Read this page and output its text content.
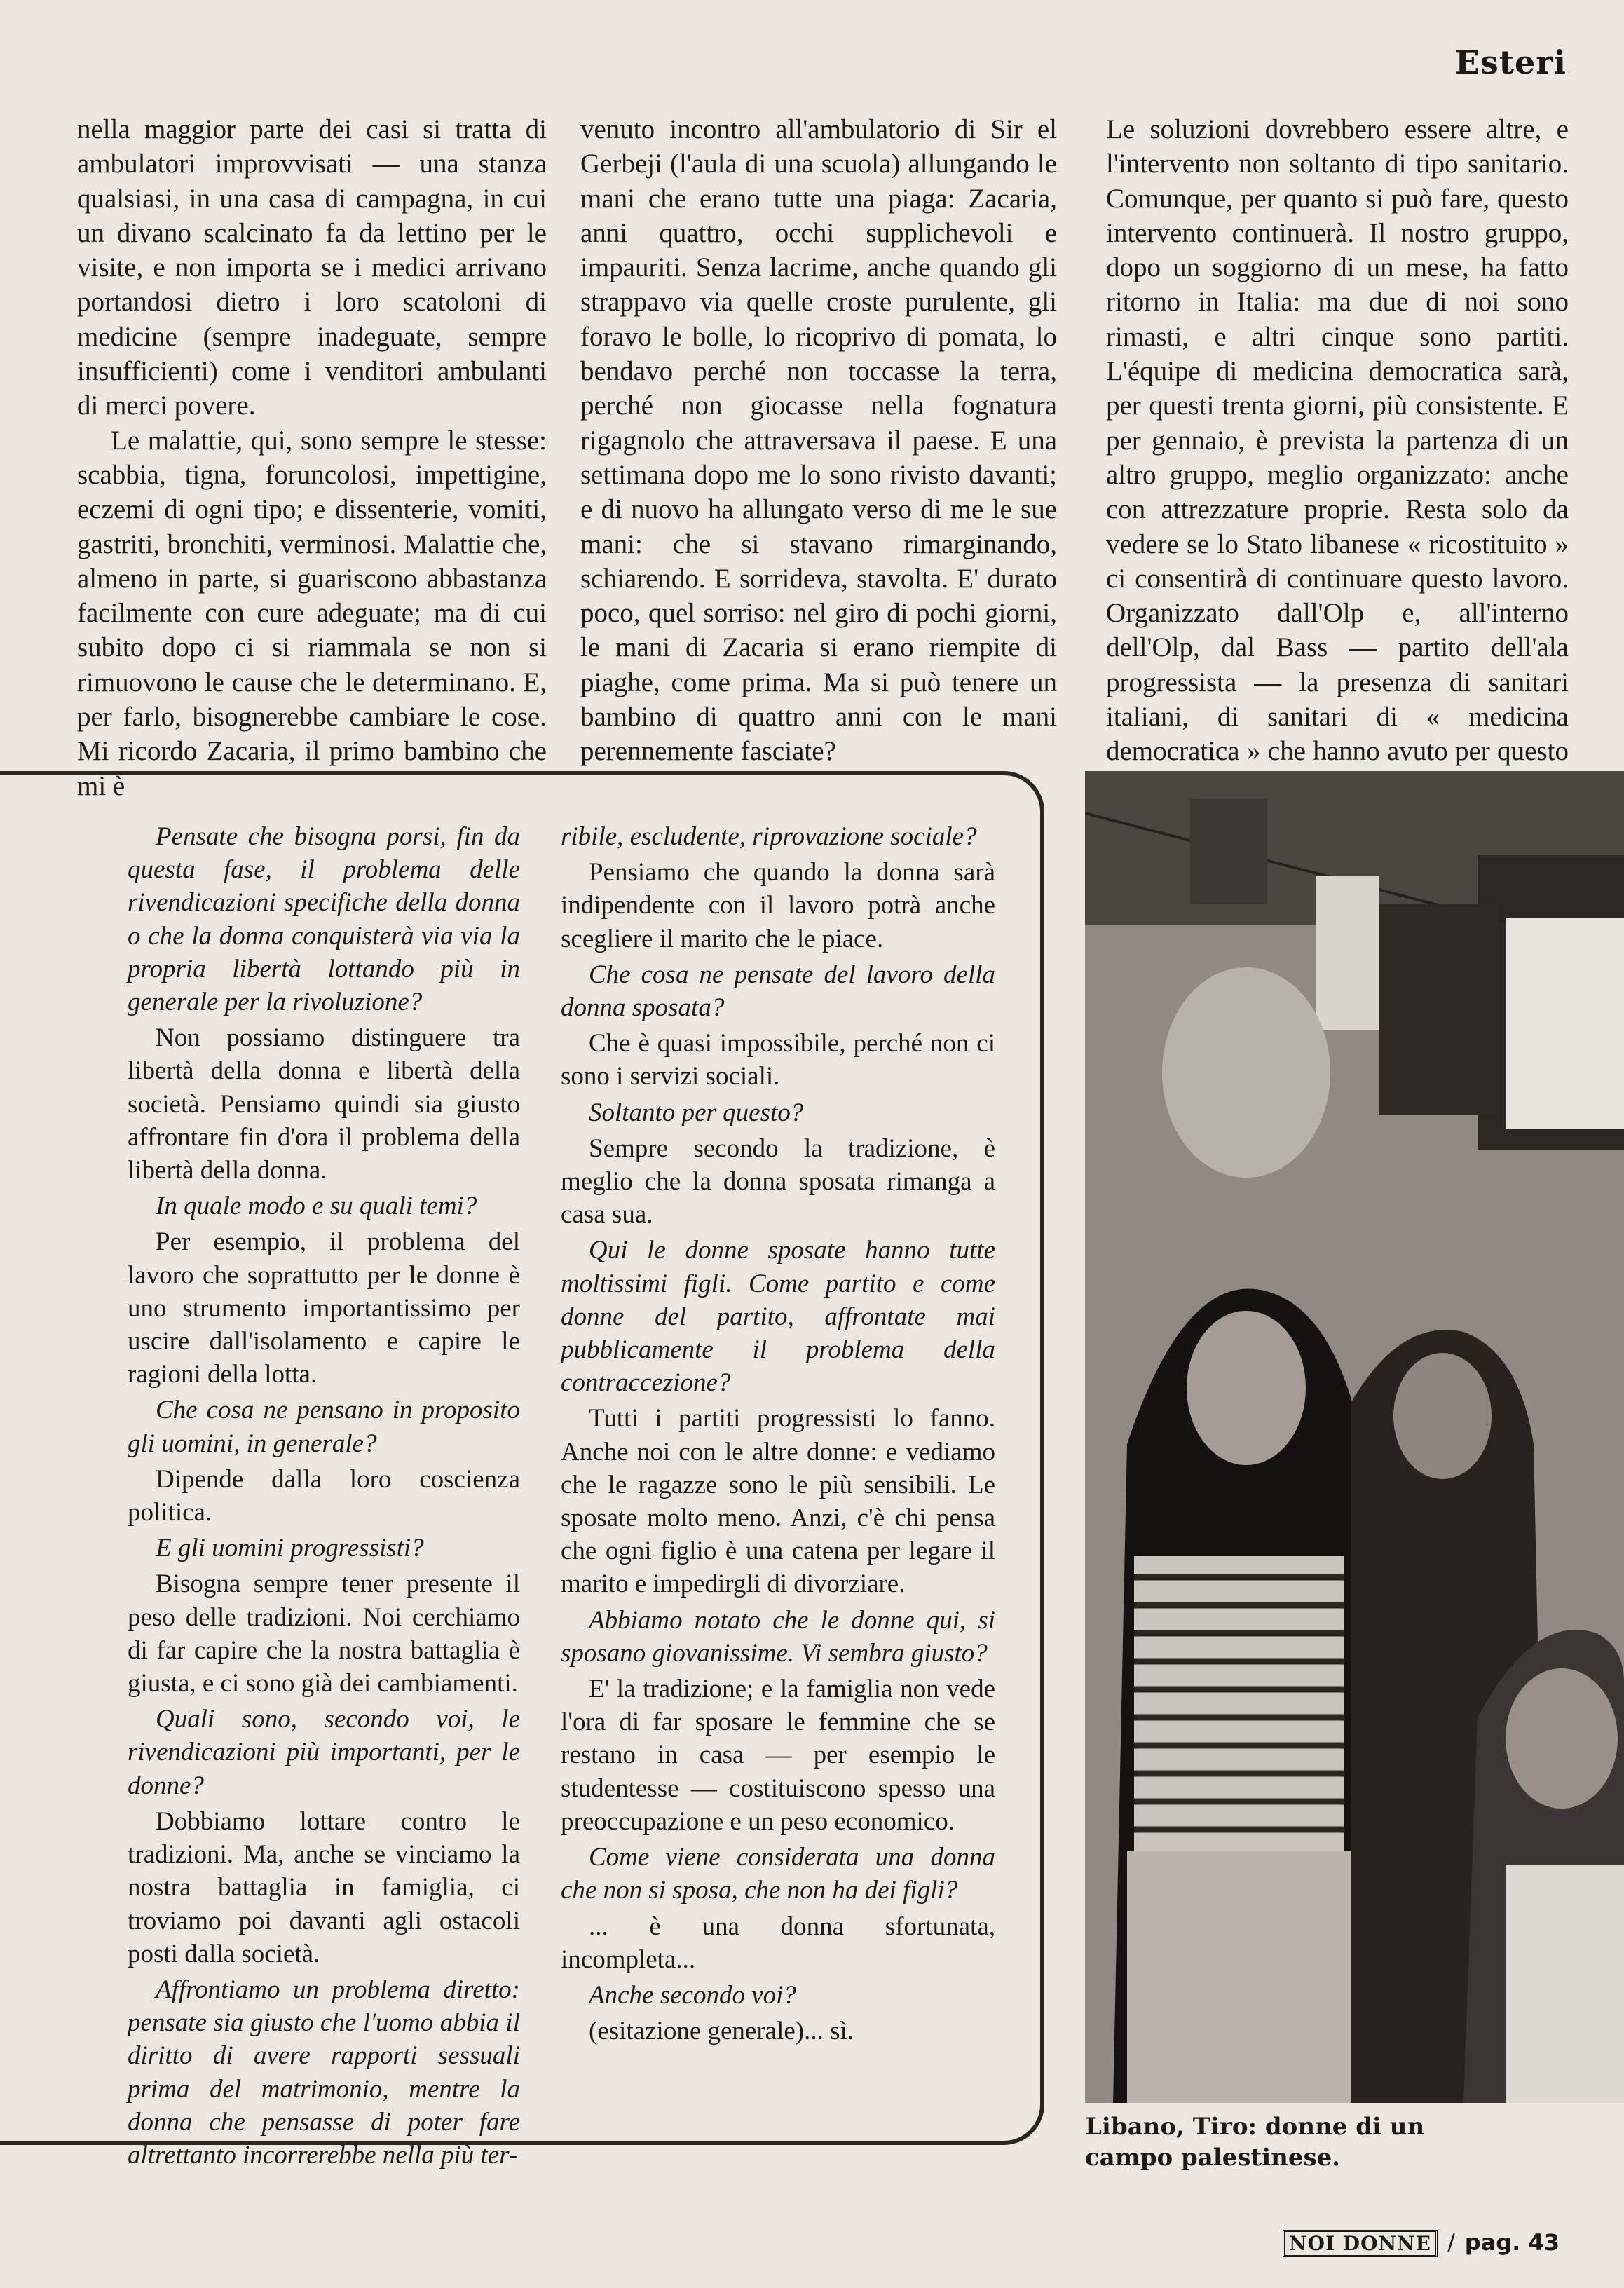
Esteri

nella maggior parte dei casi si tratta di ambulatori improvvisati — una stanza qualsiasi, in una casa di campagna, in cui un divano scalcinato fa da lettino per le visite, e non importa se i medici arrivano portandosi dietro i loro scatoloni di medicine (sempre inadeguate, sempre insufficienti) come i venditori ambulanti di merci povere.

Le malattie, qui, sono sempre le stesse: scabbia, tigna, foruncolosi, impettigine, eczemi di ogni tipo; e dissenterie, vomiti, gastriti, bronchiti, verminosi. Malattie che, almeno in parte, si guariscono abbastanza facilmente con cure adeguate; ma di cui subito dopo ci si riammala se non si rimuovono le cause che le determinano. E, per farlo, bisognerebbe cambiare le cose. Mi ricordo Zacaria, il primo bambino che mi è

venuto incontro all'ambulatorio di Sir el Gerbeji (l'aula di una scuola) allungando le mani che erano tutte una piaga: Zacaria, anni quattro, occhi supplichevoli e impauriti. Senza lacrime, anche quando gli strappavo via quelle croste purulente, gli foravo le bolle, lo ricoprivo di pomata, lo bendavo perché non toccasse la terra, perché non giocasse nella fognatura rigagnolo che attraversava il paese. E una settimana dopo me lo sono rivisto davanti; e di nuovo ha allungato verso di me le sue mani: che si stavano rimarginando, schiarendo. E sorrideva, stavolta. E' durato poco, quel sorriso: nel giro di pochi giorni, le mani di Zacaria si erano riempite di piaghe, come prima. Ma si può tenere un bambino di quattro anni con le mani perennemente fasciate?

Le soluzioni dovrebbero essere altre, e l'intervento non soltanto di tipo sanitario. Comunque, per quanto si può fare, questo intervento continuerà. Il nostro gruppo, dopo un soggiorno di un mese, ha fatto ritorno in Italia: ma due di noi sono rimasti, e altri cinque sono partiti. L'équipe di medicina democratica sarà, per questi trenta giorni, più consistente. E per gennaio, è prevista la partenza di un altro gruppo, meglio organizzato: anche con attrezzature proprie. Resta solo da vedere se lo Stato libanese « ricostituito » ci consentirà di continuare questo lavoro. Organizzato dall'Olp e, all'interno dell'Olp, dal Bass — partito dell'ala progressista — la presenza di sanitari italiani, di sanitari di « medicina democratica » che hanno avuto per questo

Pensate che bisogna porsi, fin da questa fase, il problema delle rivendicazioni specifiche della donna o che la donna conquisterà via via la propria libertà lottando più in generale per la rivoluzione?

Non possiamo distinguere tra libertà della donna e libertà della società. Pensiamo quindi sia giusto affrontare fin d'ora il problema della libertà della donna.

In quale modo e su quali temi?

Per esempio, il problema del lavoro che soprattutto per le donne è uno strumento importantissimo per uscire dall'isolamento e capire le ragioni della lotta.

Che cosa ne pensano in proposito gli uomini, in generale?

Dipende dalla loro coscienza politica.

E gli uomini progressisti?

Bisogna sempre tener presente il peso delle tradizioni. Noi cerchiamo di far capire che la nostra battaglia è giusta, e ci sono già dei cambiamenti.

Quali sono, secondo voi, le rivendicazioni più importanti, per le donne?

Dobbiamo lottare contro le tradizioni. Ma, anche se vinciamo la nostra battaglia in famiglia, ci troviamo poi davanti agli ostacoli posti dalla società.

Affrontiamo un problema diretto: pensate sia giusto che l'uomo abbia il diritto di avere rapporti sessuali prima del matrimonio, mentre la donna che pensasse di poter fare altrettanto incorrerebbe nella più ter-

ribile, escludente, riprovazione sociale?

Pensiamo che quando la donna sarà indipendente con il lavoro potrà anche scegliere il marito che le piace.

Che cosa ne pensate del lavoro della donna sposata?

Che è quasi impossibile, perché non ci sono i servizi sociali.

Soltanto per questo?

Sempre secondo la tradizione, è meglio che la donna sposata rimanga a casa sua.

Qui le donne sposate hanno tutte moltissimi figli. Come partito e come donne del partito, affrontate mai pubblicamente il problema della contraccezione?

Tutti i partiti progressisti lo fanno. Anche noi con le altre donne: e vediamo che le ragazze sono le più sensibili. Le sposate molto meno. Anzi, c'è chi pensa che ogni figlio è una catena per legare il marito e impedirgli di divorziare.

Abbiamo notato che le donne qui, si sposano giovanissime. Vi sembra giusto?

E' la tradizione; e la famiglia non vede l'ora di far sposare le femmine che se restano in casa — per esempio le studentesse — costituiscono spesso una preoccupazione e un peso economico.

Come viene considerata una donna che non si sposa, che non ha dei figli?

... è una donna sfortunata, incompleta...

Anche secondo voi?

(esitazione generale)... sì.

Libano, Tiro: donne di un campo palestinese.
NOI DONNE / pag. 43
